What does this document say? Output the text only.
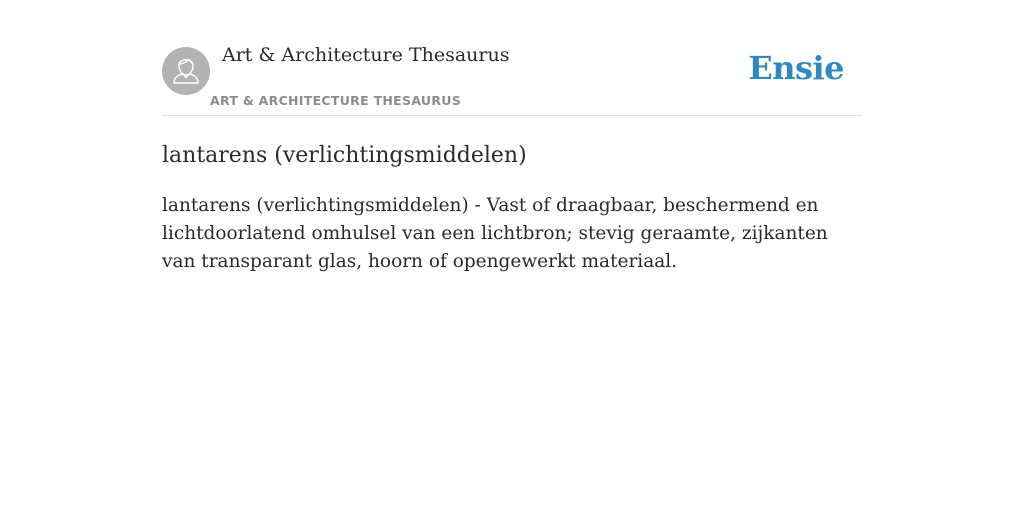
Art & Architecture Thesaurus
ART & ARCHITECTURE THESAURUS
Ensie
lantarens (verlichtingsmiddelen)

lantarens (verlichtingsmiddelen) - Vast of draagbaar, beschermend en lichtdoorlatend omhulsel van een lichtbron; stevig geraamte, zijkanten van transparant glas, hoorn of opengewerkt materiaal.
